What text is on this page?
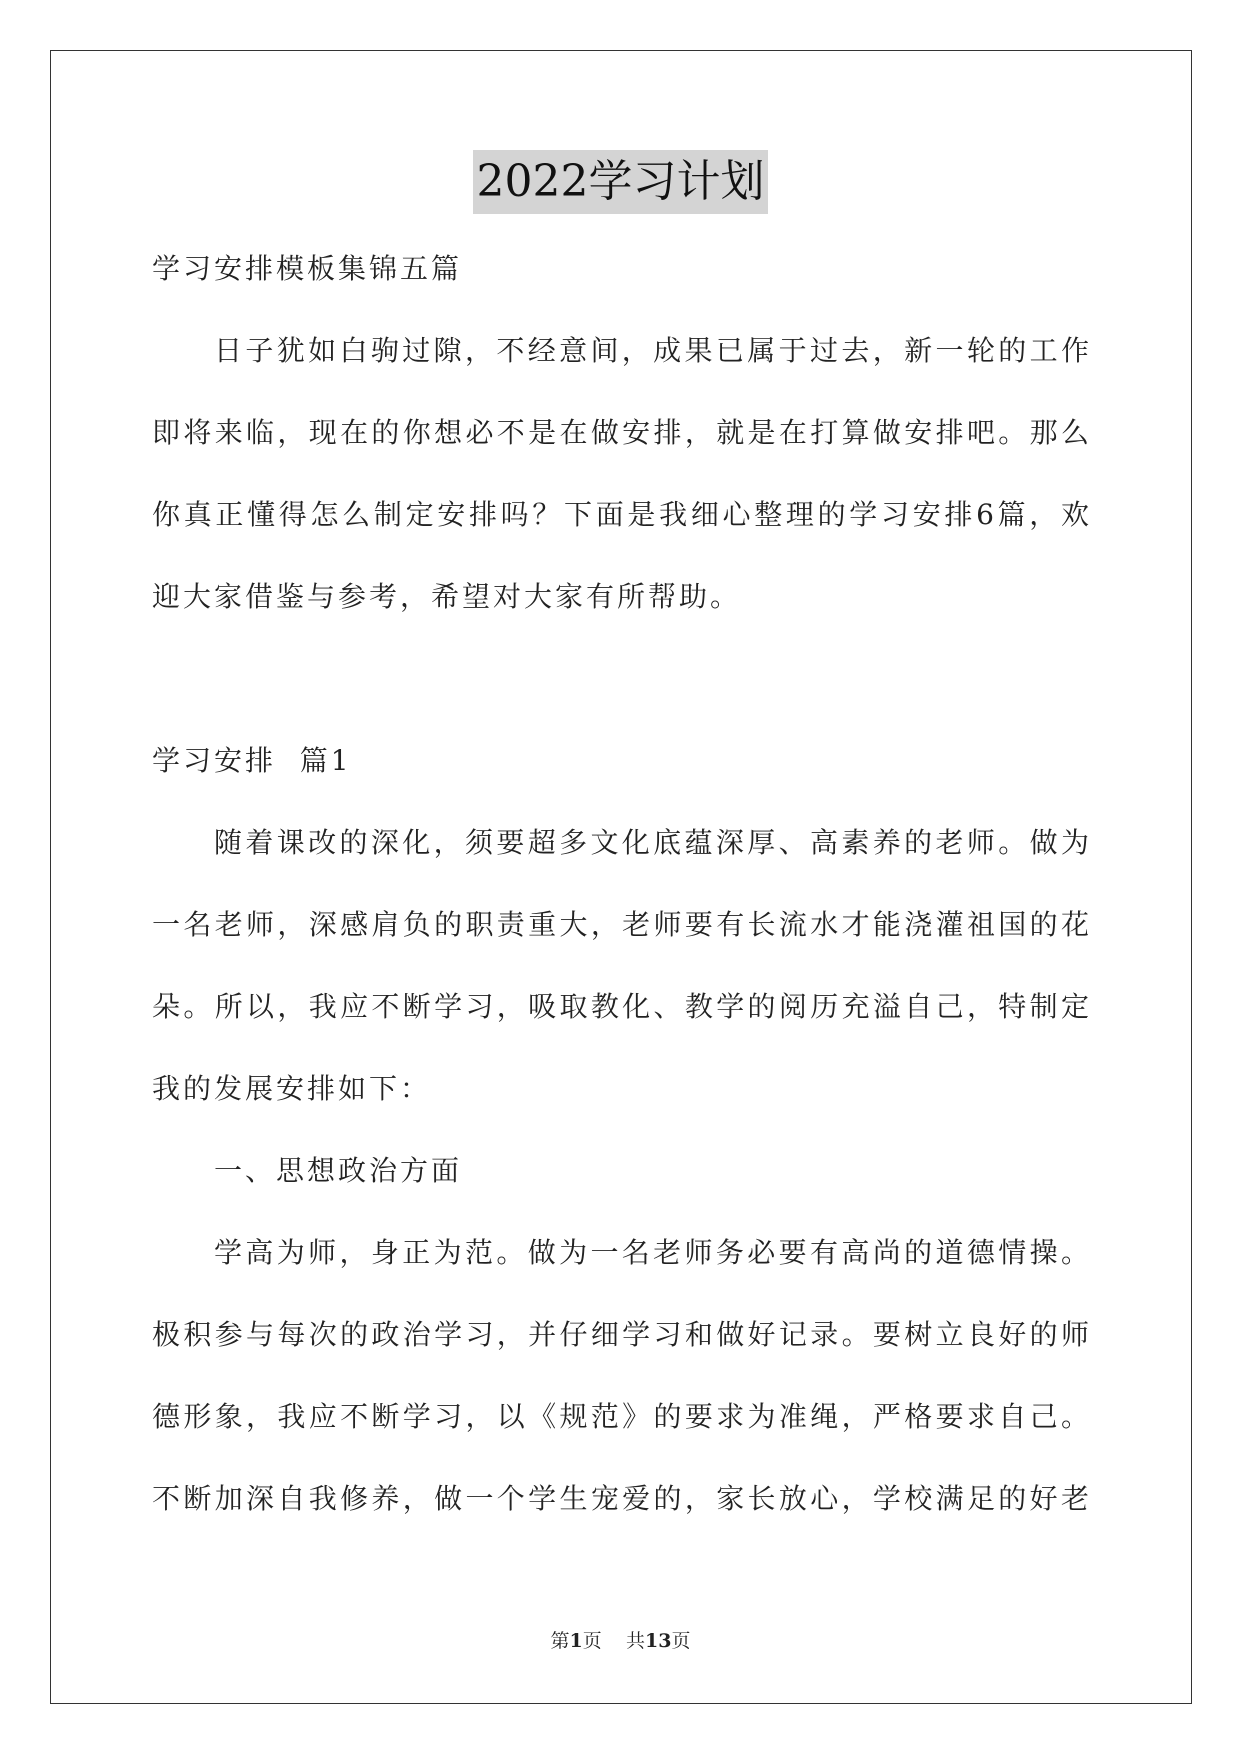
2022学习计划
学习安排模板集锦五篇
日子犹如白驹过隙，不经意间，成果已属于过去，新一轮的工作
即将来临，现在的你想必不是在做安排，就是在打算做安排吧。那么
你真正懂得怎么制定安排吗？下面是我细心整理的学习安排6篇，欢
迎大家借鉴与参考，希望对大家有所帮助。
学习安排  篇1
随着课改的深化，须要超多文化底蕴深厚、高素养的老师。做为
一名老师，深感肩负的职责重大，老师要有长流水才能浇灌祖国的花
朵。所以，我应不断学习，吸取教化、教学的阅历充溢自己，特制定
我的发展安排如下：
一、思想政治方面
学高为师，身正为范。做为一名老师务必要有高尚的道德情操。
极积参与每次的政治学习，并仔细学习和做好记录。要树立良好的师
德形象，我应不断学习，以《规范》的要求为准绳，严格要求自己。
不断加深自我修养，做一个学生宠爱的，家长放心，学校满足的好老
第1页 共13页
